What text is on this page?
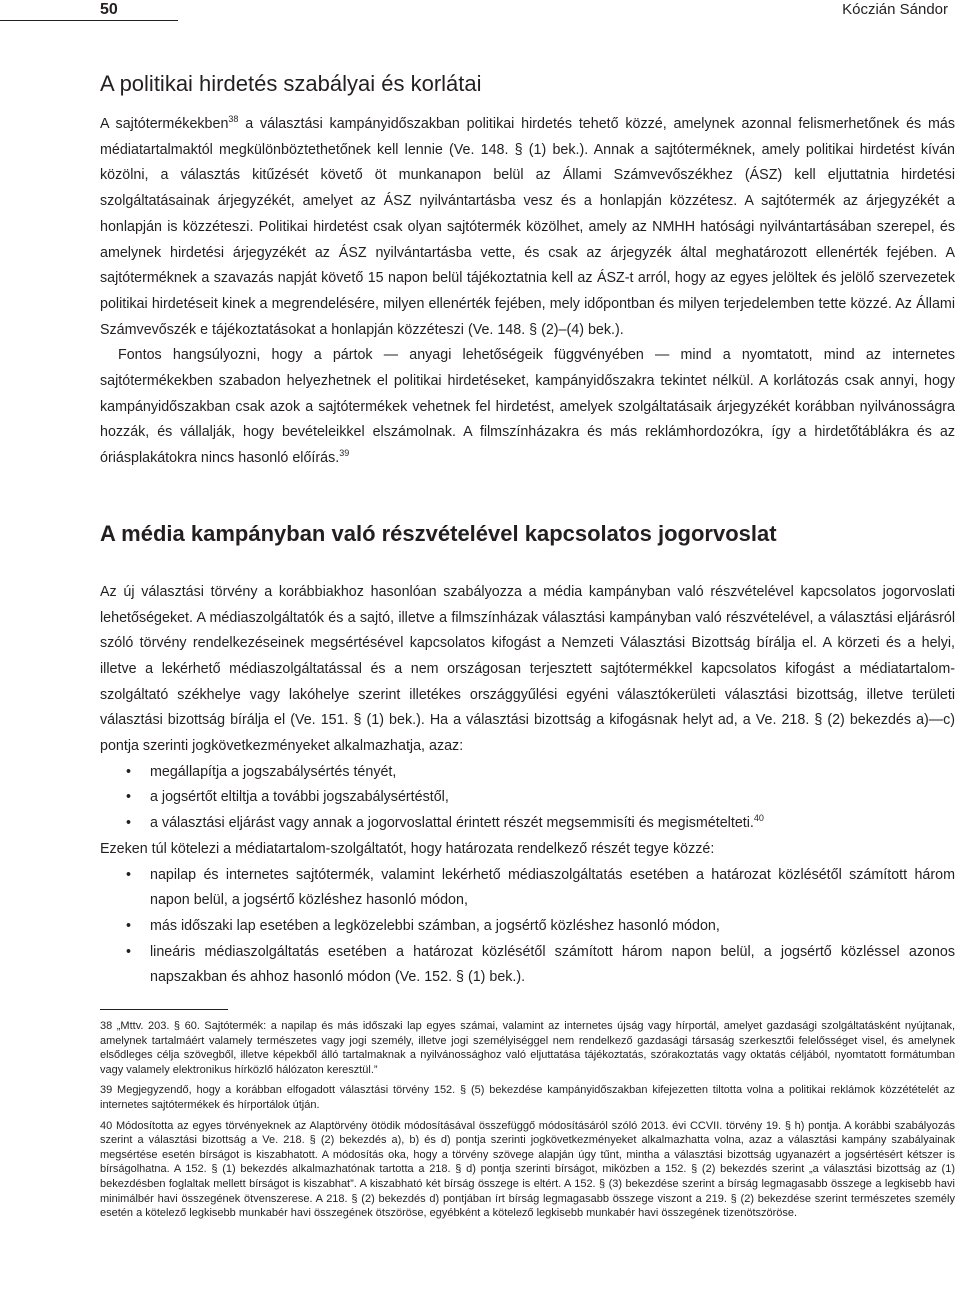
50	Kóczián Sándor
A politikai hirdetés szabályai és korlátai

A sajtótermékekben$^{38}$ a választási kampányidőszakban politikai hirdetés tehető közzé, amelynek azonnal felismerhetőnek és más médiatartalmaktól megkülönböztethetőnek kell lennie (Ve. 148. § (1) bek.). Annak a sajtóterméknek, amely politikai hirdetést kíván közölni, a választás kitűzését követő öt munkanapon belül az Állami Számvevőszékhez (ÁSZ) kell eljuttatnia hirdetési szolgáltatásainak árjegyzékét, amelyet az ÁSZ nyilvántartásba vesz és a honlapján közzétesz. A sajtótermék az árjegyzékét a honlapján is közzéteszi. Politikai hirdetést csak olyan sajtótermék közölhet, amely az NMHH hatósági nyilvántartásában szerepel, és amelynek hirdetési árjegyzékét az ÁSZ nyilvántartásba vette, és csak az árjegyzék által meghatározott ellenérték fejében. A sajtóterméknek a szavazás napját követő 15 napon belül tájékoztatnia kell az ÁSZ-t arról, hogy az egyes jelöltek és jelölő szervezetek politikai hirdetéseit kinek a megrendelésére, milyen ellenérték fejében, mely időpontban és milyen terjedelemben tette közzé. Az Állami Számvevőszék e tájékoztatásokat a honlapján közzéteszi (Ve. 148. § (2)–(4) bek.).

Fontos hangsúlyozni, hogy a pártok — anyagi lehetőségeik függvényében — mind a nyomtatott, mind az internetes sajtótermékekben szabadon helyezhetnek el politikai hirdetéseket, kampányidőszakra tekintet nélkül. A korlátozás csak annyi, hogy kampányidőszakban csak azok a sajtótermékek vehetnek fel hirdetést, amelyek szolgáltatásaik árjegyzékét korábban nyilvánosságra hozzák, és vállalják, hogy bevételeikkel elszámolnak. A filmszínházakra és más reklámhordozókra, így a hirdetőtáblákra és az óriásplakátokra nincs hasonló előírás.$^{39}$

A média kampányban való részvételével kapcsolatos jogorvoslat

Az új választási törvény a korábbiakhoz hasonlóan szabályozza a média kampányban való részvételével kapcsolatos jogorvoslati lehetőségeket. A médiaszolgáltatók és a sajtó, illetve a filmszínházak választási kampányban való részvételével, a választási eljárásról szóló törvény rendelkezéseinek megsértésével kapcsolatos kifogást a Nemzeti Választási Bizottság bírálja el. A körzeti és a helyi, illetve a lekérhető médiaszolgáltatással és a nem országosan terjesztett sajtótermékkel kapcsolatos kifogást a médiatartalom-szolgáltató székhelye vagy lakóhelye szerint illetékes országgyűlési egyéni választókerületi választási bizottság, illetve területi választási bizottság bírálja el (Ve. 151. § (1) bek.). Ha a választási bizottság a kifogásnak helyt ad, a Ve. 218. § (2) bekezdés a)—c) pontja szerinti jogkövetkezményeket alkalmazhatja, azaz:

• megállapítja a jogszabálysértés tényét,
• a jogsértőt eltiltja a további jogszabálysértéstől,
• a választási eljárást vagy annak a jogorvoslattal érintett részét megsemmisíti és megismételteti.$^{40}$

Ezeken túl kötelezi a médiatartalom-szolgáltatót, hogy határozata rendelkező részét tegye közzé:

• napilap és internetes sajtótermék, valamint lekérhető médiaszolgáltatás esetében a határozat közlésétől számított három napon belül, a jogsértő közléshez hasonló módon,
• más időszaki lap esetében a legközelebbi számban, a jogsértő közléshez hasonló módon,
• lineáris médiaszolgáltatás esetében a határozat közlésétől számított három napon belül, a jogsértő közléssel azonos napszakban és ahhoz hasonló módon (Ve. 152. § (1) bek.).

38 „Mttv. 203. § 60. Sajtótermék: a napilap és más időszaki lap egyes számai, valamint az internetes újság vagy hírportál, amelyet gazdasági szolgáltatásként nyújtanak, amelynek tartalmáért valamely természetes vagy jogi személy, illetve jogi személyiséggel nem rendelkező gazdasági társaság szerkesztői felelősséget visel, és amelynek elsődleges célja szövegből, illetve képekből álló tartalmaknak a nyilvánossághoz való eljuttatása tájékoztatás, szórakoztatás vagy oktatás céljából, nyomtatott formátumban vagy valamely elektronikus hírközlő hálózaton keresztül.”

39 Megjegyzendő, hogy a korábban elfogadott választási törvény 152. § (5) bekezdése kampányidőszakban kifejezetten tiltotta volna a politikai reklámok közzétételét az internetes sajtótermékek és hírportálok útján.

40 Módosította az egyes törvényeknek az Alaptörvény ötödik módosításával összefüggő módosításáról szóló 2013. évi CCVII. törvény 19. § h) pontja. A korábbi szabályozás szerint a választási bizottság a Ve. 218. § (2) bekezdés a), b) és d) pontja szerinti jogkövetkezményeket alkalmazhatta volna, azaz a választási kampány szabályainak megsértése esetén bírságot is kiszabhatott. A módosítás oka, hogy a törvény szövege alapján úgy tűnt, mintha a választási bizottság ugyanazért a jogsértésért kétszer is bírságolhatna. A 152. § (1) bekezdés alkalmazhatónak tartotta a 218. § d) pontja szerinti bírságot, miközben a 152. § (2) bekezdés szerint „a választási bizottság az (1) bekezdésben foglaltak mellett bírságot is kiszabhat”. A kiszabható két bírság összege is eltért. A 152. § (3) bekezdése szerint a bírság legmagasabb összege a legkisebb havi minimálbér havi összegének ötvenszerese. A 218. § (2) bekezdés d) pontjában írt bírság legmagasabb összege viszont a 219. § (2) bekezdése szerint természetes személy esetén a kötelező legkisebb munkabér havi összegének ötszöröse, egyébként a kötelező legkisebb munkabér havi összegének tizenötszöröse.
